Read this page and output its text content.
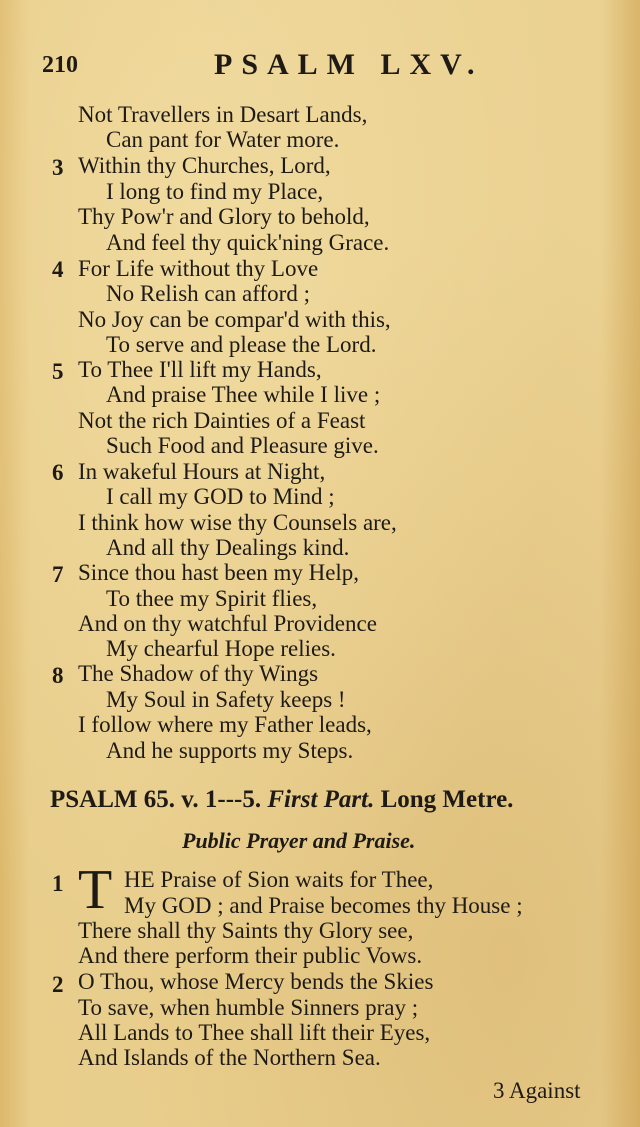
210	PSALM LXV.
Not Travellers in Desart Lands,
Can pant for Water more.
3 Within thy Churches, Lord,
I long to find my Place,
Thy Pow'r and Glory to behold,
And feel thy quick'ning Grace.
4 For Life without thy Love
No Relish can afford ;
No Joy can be compar'd with this,
To serve and please the Lord.
5 To Thee I'll lift my Hands,
And praise Thee while I live ;
Not the rich Dainties of a Feast
Such Food and Pleasure give.
6 In wakeful Hours at Night,
I call my GOD to Mind ;
I think how wise thy Counsels are,
And all thy Dealings kind.
7 Since thou hast been my Help,
To thee my Spirit flies,
And on thy watchful Providence
My chearful Hope relies.
8 The Shadow of thy Wings
My Soul in Safety keeps !
I follow where my Father leads,
And he supports my Steps.
PSALM 65. v. 1---5. First Part. Long Metre.
Public Prayer and Praise.
1 T HE Praise of Sion waits for Thee,
My GOD ; and Praise becomes thy House ;
There shall thy Saints thy Glory see,
And there perform their public Vows.
2 O Thou, whose Mercy bends the Skies
To save, when humble Sinners pray ;
All Lands to Thee shall lift their Eyes,
And Islands of the Northern Sea.
3 Against
